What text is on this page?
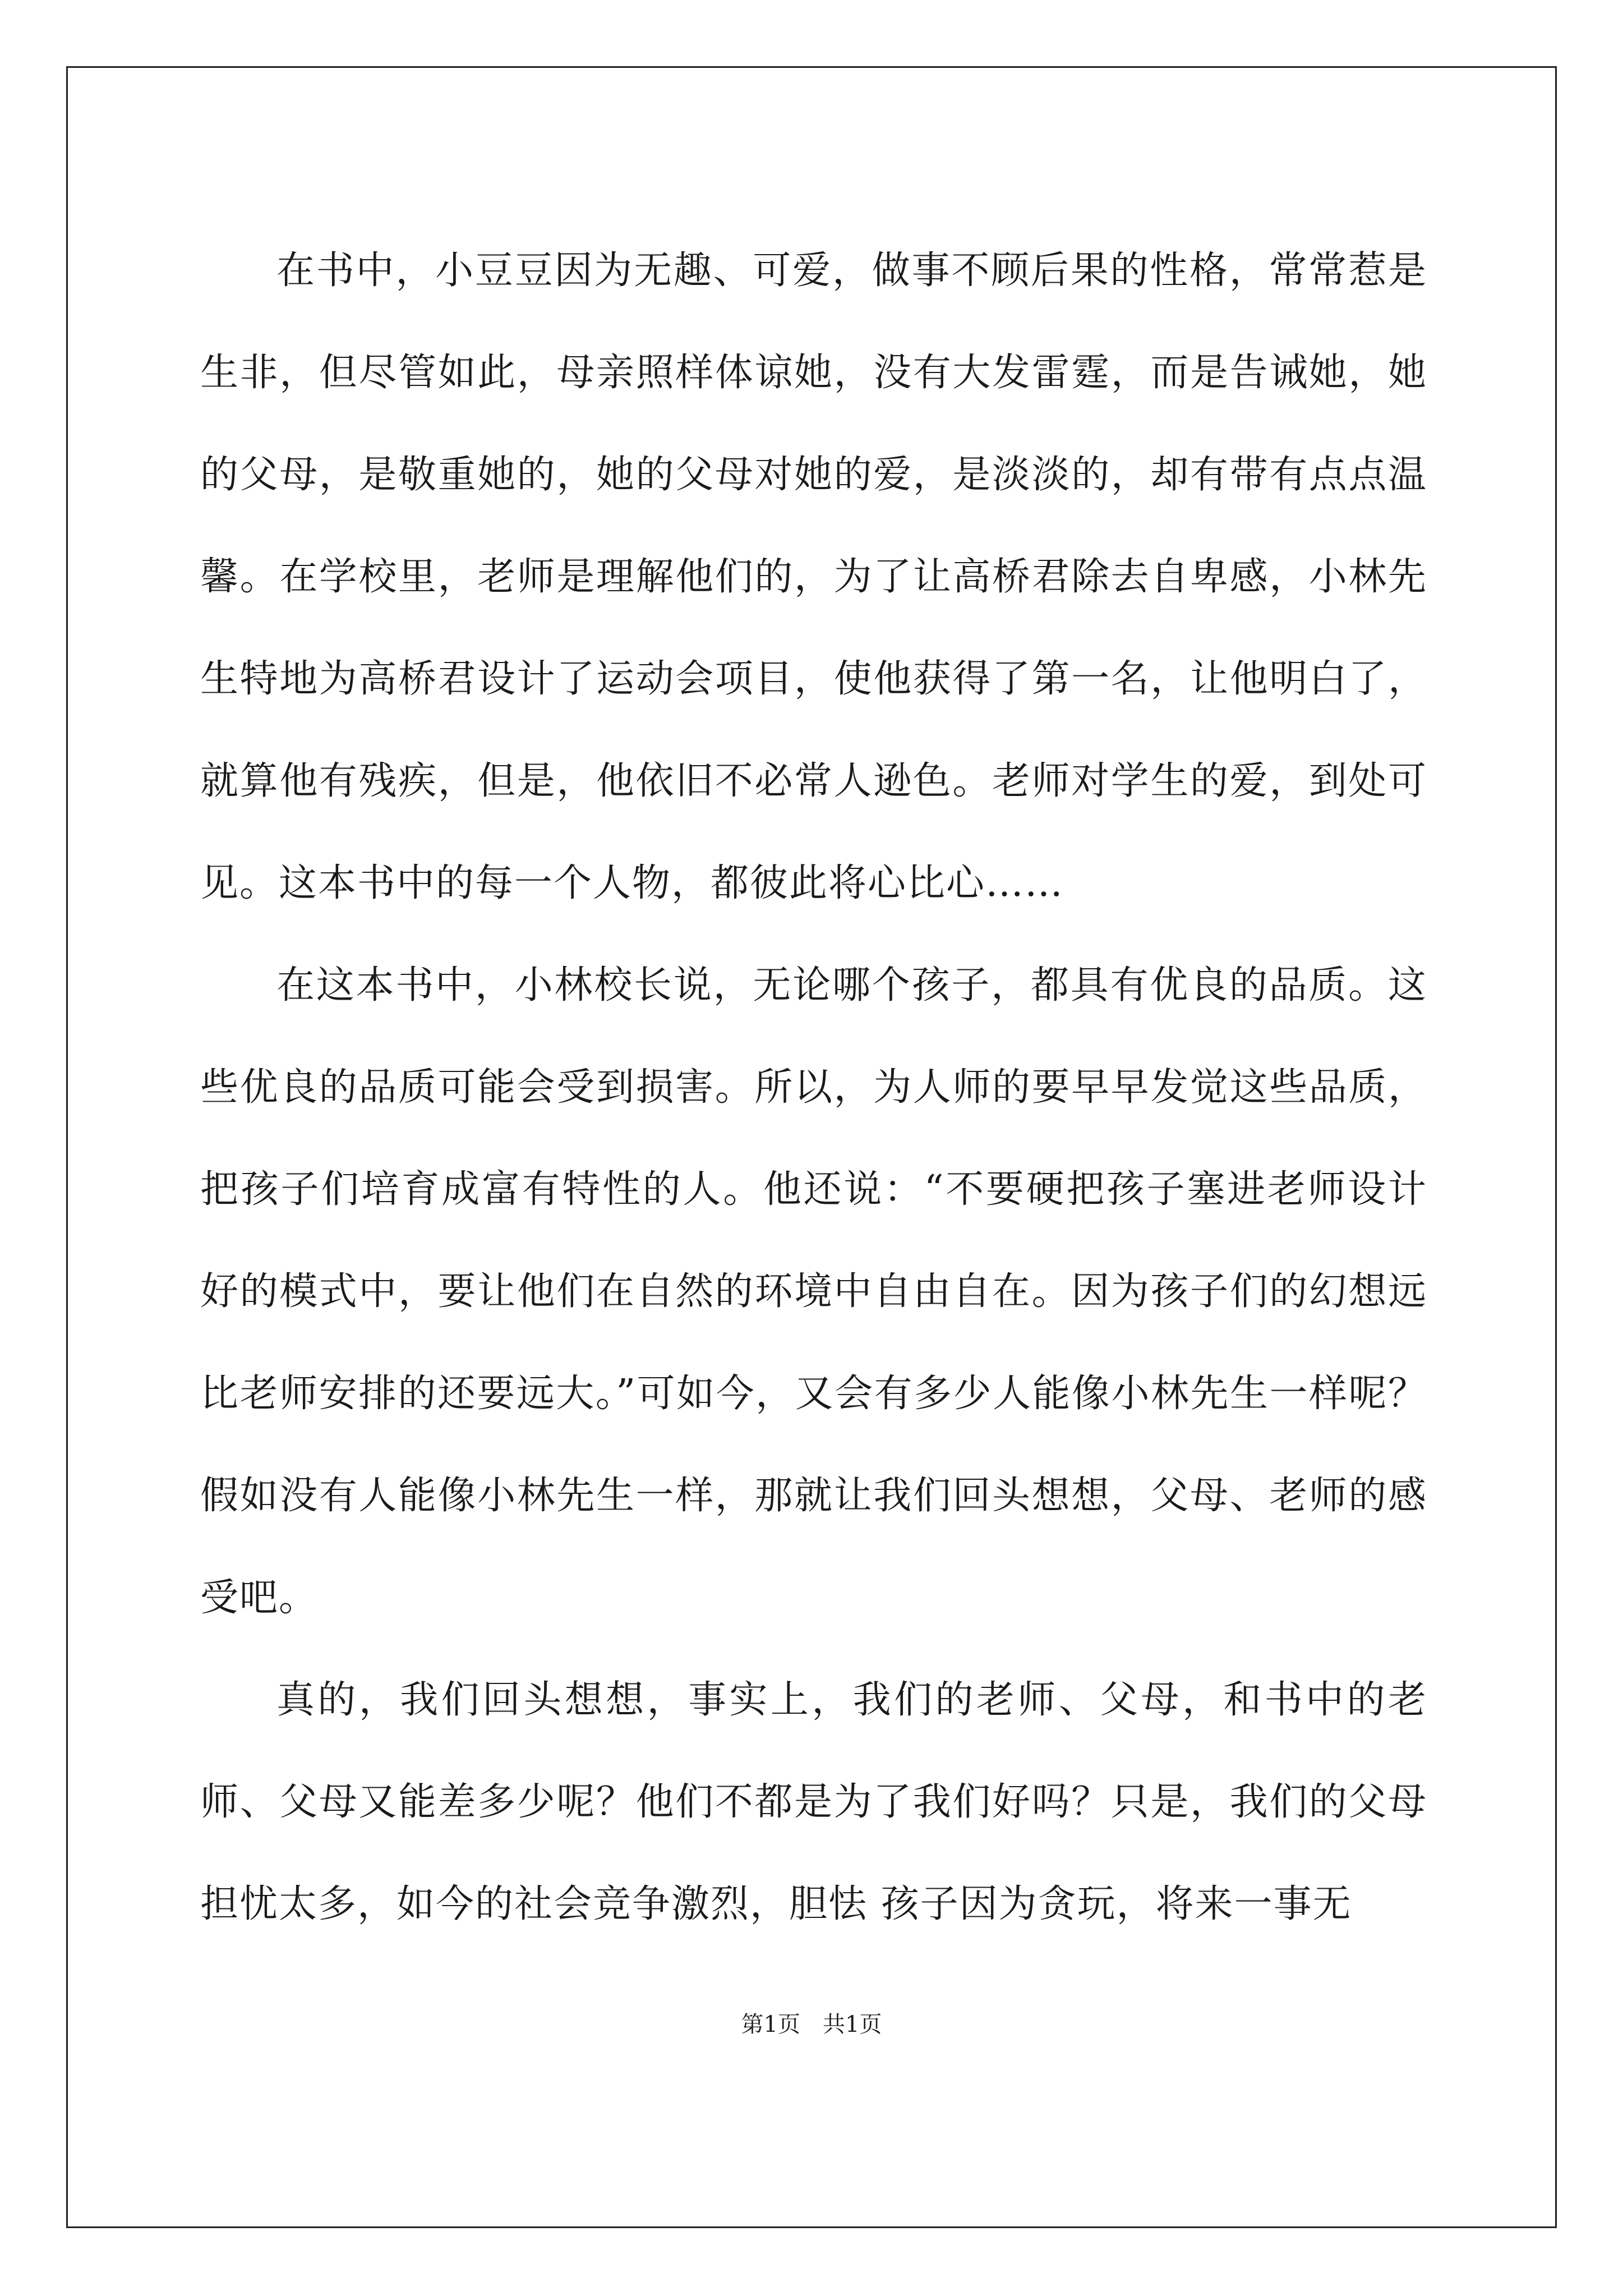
在书中，小豆豆因为无趣、可爱，做事不顾后果的性格，常常惹是生非，但尽管如此，母亲照样体谅她，没有大发雷霆，而是告诫她，她的父母，是敬重她的，她的父母对她的爱，是淡淡的，却有带有点点温馨。在学校里，老师是理解他们的，为了让高桥君除去自卑感，小林先生特地为高桥君设计了运动会项目，使他获得了第一名，让他明白了，就算他有残疾，但是，他依旧不必常人逊色。老师对学生的爱，到处可见。这本书中的每一个人物，都彼此将心比心……

在这本书中，小林校长说，无论哪个孩子，都具有优良的品质。这些优良的品质可能会受到损害。所以，为人师的要早早发觉这些品质，把孩子们培育成富有特性的人。他还说：“不要硬把孩子塞进老师设计好的模式中，要让他们在自然的环境中自由自在。因为孩子们的幻想远比老师安排的还要远大。”可如今，又会有多少人能像小林先生一样呢？假如没有人能像小林先生一样，那就让我们回头想想，父母、老师的感受吧。

真的，我们回头想想，事实上，我们的老师、父母，和书中的老师、父母又能差多少呢？他们不都是为了我们好吗？只是，我们的父母担忧太多，如今的社会竞争激烈，胆怯 孩子因为贪玩，将来一事无

第1页 共1页
